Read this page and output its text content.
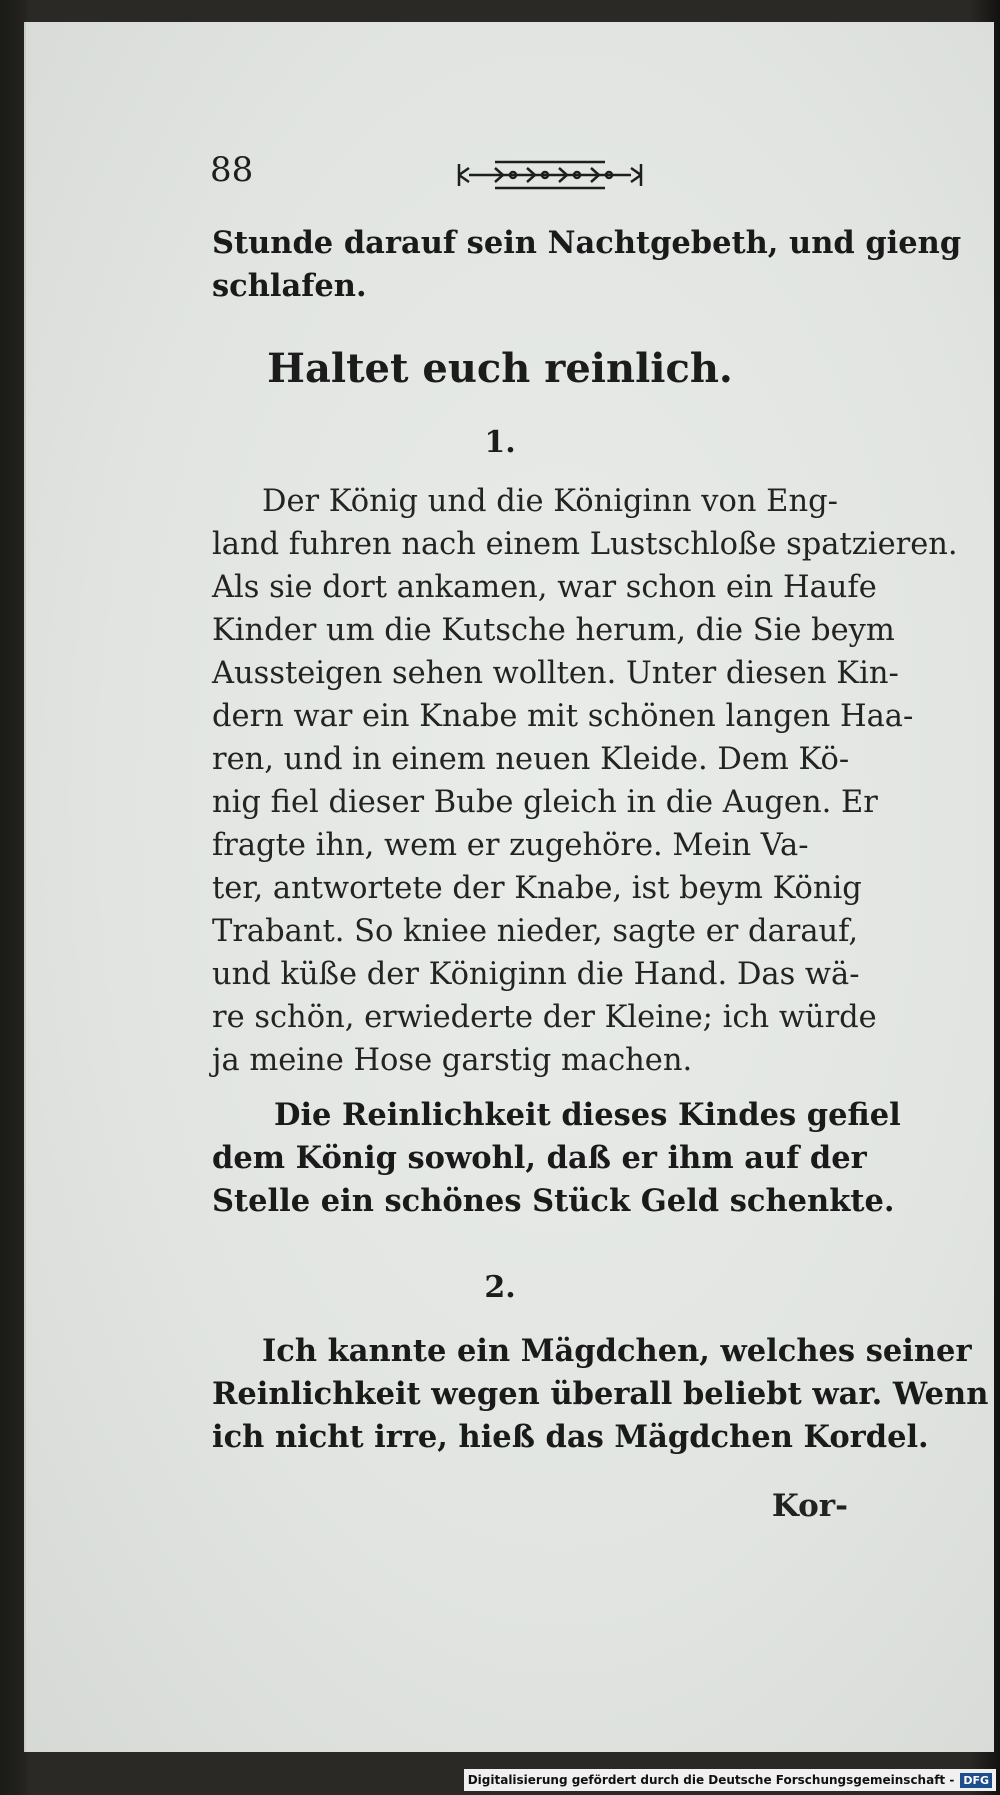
88
Stunde darauf sein Nachtgebeth, und gieng
schlafen.
Haltet euch reinlich.
1.
Der König und die Königinn von Eng-
land fuhren nach einem Lustschloße spatzieren.
Als sie dort ankamen, war schon ein Haufe
Kinder um die Kutsche herum, die Sie beym
Aussteigen sehen wollten. Unter diesen Kin-
dern war ein Knabe mit schönen langen Haa-
ren, und in einem neuen Kleide. Dem Kö-
nig fiel dieser Bube gleich in die Augen. Er
fragte ihn, wem er zugehöre. Mein Va-
ter, antwortete der Knabe, ist beym König
Trabant. So kniee nieder, sagte er darauf,
und küße der Königinn die Hand. Das wä-
re schön, erwiederte der Kleine; ich würde
ja meine Hose garstig machen.
Die Reinlichkeit dieses Kindes gefiel
dem König sowohl, daß er ihm auf der
Stelle ein schönes Stück Geld schenkte.
2.
Ich kannte ein Mägdchen, welches seiner
Reinlichkeit wegen überall beliebt war. Wenn
ich nicht irre, hieß das Mägdchen Kordel.
Kor-
Digitalisierung gefördert durch die Deutsche Forschungsgemeinschaft - DFG
